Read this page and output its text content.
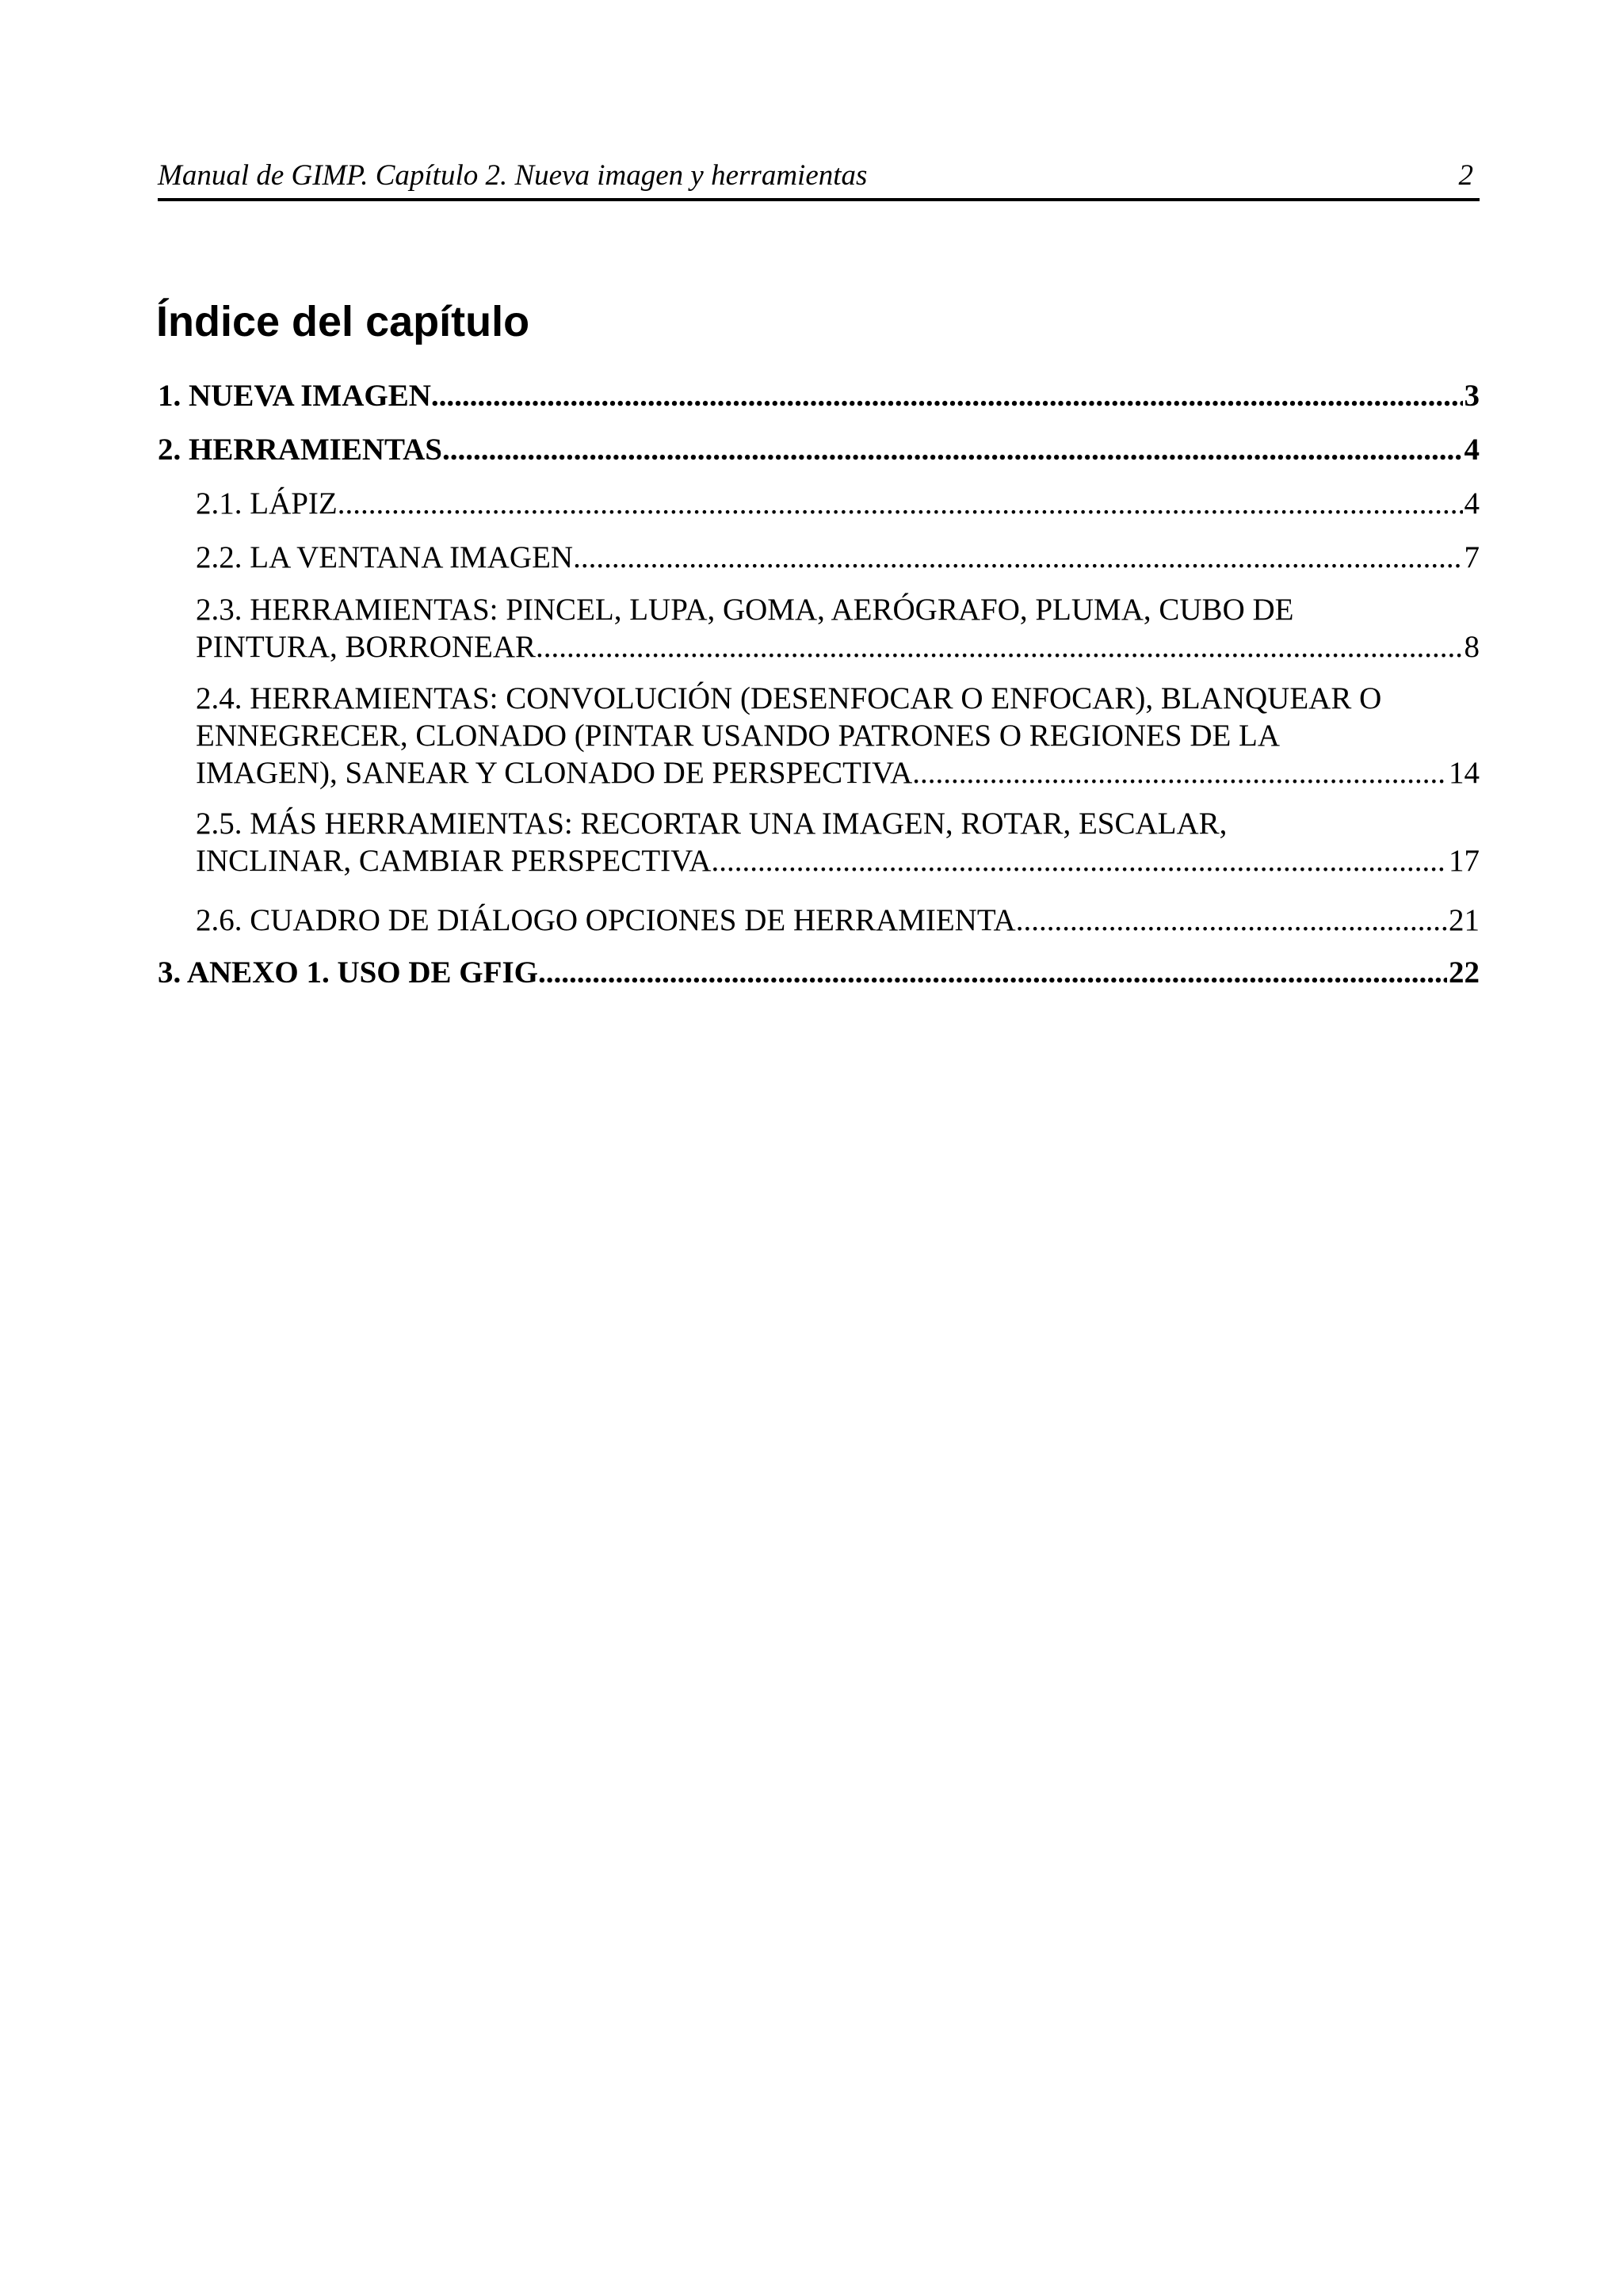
Manual de GIMP. Capítulo 2. Nueva imagen y herramientas	2
Índice del capítulo
1. NUEVA IMAGEN .....	3
2. HERRAMIENTAS .....	4
2.1. LÁPIZ .....	4
2.2. LA VENTANA IMAGEN .....	7
2.3. HERRAMIENTAS: PINCEL, LUPA, GOMA, AERÓGRAFO, PLUMA, CUBO DE
PINTURA, BORRONEAR .....	8
2.4. HERRAMIENTAS: CONVOLUCIÓN (DESENFOCAR O ENFOCAR), BLANQUEAR O
ENNEGRECER, CLONADO (PINTAR USANDO PATRONES O REGIONES DE LA
IMAGEN), SANEAR Y CLONADO DE PERSPECTIVA .....	14
2.5. MÁS HERRAMIENTAS: RECORTAR UNA IMAGEN, ROTAR, ESCALAR,
INCLINAR, CAMBIAR PERSPECTIVA .....	17
2.6. CUADRO DE DIÁLOGO OPCIONES DE HERRAMIENTA .....	21
3. ANEXO 1. USO DE GFIG .....	22
